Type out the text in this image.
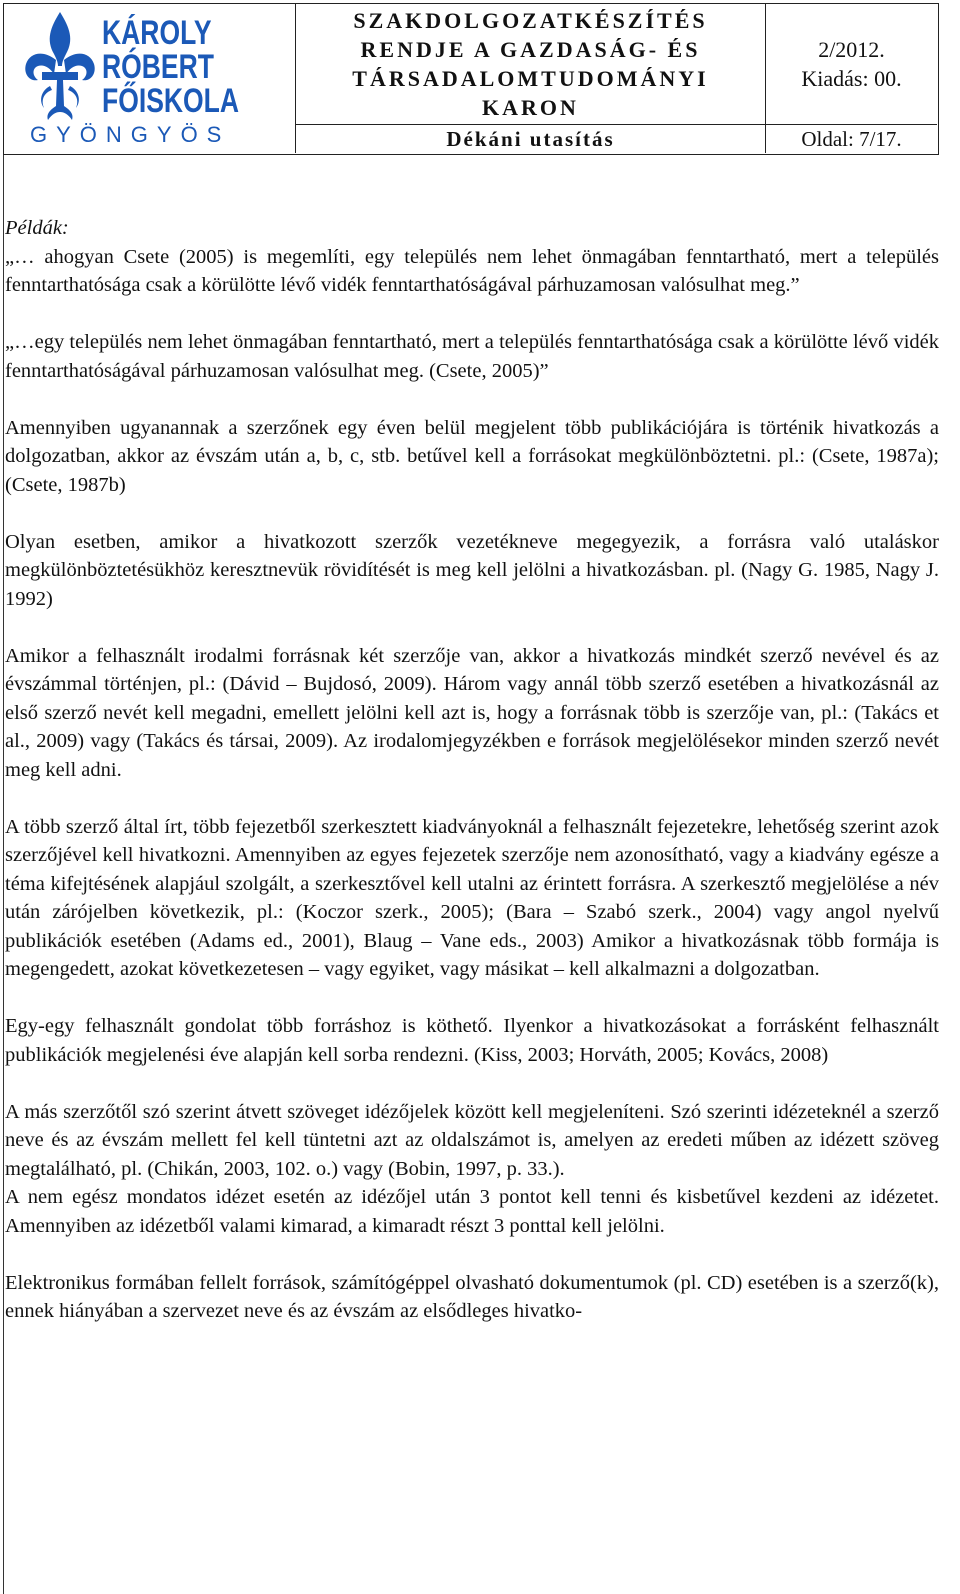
KÁROLY
RÓBERT
FŐISKOLA
GYÖNGYÖS
SZAKDOLGOZATKÉSZÍTÉS
RENDJE A GAZDASÁG- ÉS
TÁRSADALOMTUDOMÁNYI
KARON
2/2012.
Kiadás: 00.
Dékáni utasítás	Oldal: 7/17.

Példák:
„… ahogyan Csete (2005) is megemlíti, egy település nem lehet önmagában fenntartható, mert a település fenntarthatósága csak a körülötte lévő vidék fenntarthatóságával párhuzamosan valósulhat meg.”

„…egy település nem lehet önmagában fenntartható, mert a település fenntarthatósága csak a körülötte lévő vidék fenntarthatóságával párhuzamosan valósulhat meg. (Csete, 2005)”

Amennyiben ugyanannak a szerzőnek egy éven belül megjelent több publikációjára is történik hivatkozás a dolgozatban, akkor az évszám után a, b, c, stb. betűvel kell a forrásokat megkülönböztetni. pl.: (Csete, 1987a); (Csete, 1987b)

Olyan esetben, amikor a hivatkozott szerzők vezetékneve megegyezik, a forrásra való utaláskor megkülönböztetésükhöz keresztnevük rövidítését is meg kell jelölni a hivatkozásban. pl. (Nagy G. 1985, Nagy J. 1992)

Amikor a felhasznált irodalmi forrásnak két szerzője van, akkor a hivatkozás mindkét szerző nevével és az évszámmal történjen, pl.: (Dávid – Bujdosó, 2009). Három vagy annál több szerző esetében a hivatkozásnál az első szerző nevét kell megadni, emellett jelölni kell azt is, hogy a forrásnak több is szerzője van, pl.: (Takács et al., 2009) vagy (Takács és társai, 2009). Az irodalomjegyzékben e források megjelölésekor minden szerző nevét meg kell adni.

A több szerző által írt, több fejezetből szerkesztett kiadványoknál a felhasznált fejezetekre, lehetőség szerint azok szerzőjével kell hivatkozni. Amennyiben az egyes fejezetek szerzője nem azonosítható, vagy a kiadvány egésze a téma kifejtésének alapjául szolgált, a szerkesztővel kell utalni az érintett forrásra. A szerkesztő megjelölése a név után zárójelben következik, pl.: (Koczor szerk., 2005); (Bara – Szabó szerk., 2004) vagy angol nyelvű publikációk esetében (Adams ed., 2001), Blaug – Vane eds., 2003) Amikor a hivatkozásnak több formája is megengedett, azokat következetesen – vagy egyiket, vagy másikat – kell alkalmazni a dolgozatban.

Egy-egy felhasznált gondolat több forráshoz is köthető. Ilyenkor a hivatkozásokat a forrásként felhasznált publikációk megjelenési éve alapján kell sorba rendezni. (Kiss, 2003; Horváth, 2005; Kovács, 2008)

A más szerzőtől szó szerint átvett szöveget idézőjelek között kell megjeleníteni. Szó szerinti idézeteknél a szerző neve és az évszám mellett fel kell tüntetni azt az oldalszámot is, amelyen az eredeti műben az idézett szöveg megtalálható, pl. (Chikán, 2003, 102. o.) vagy (Bobin, 1997, p. 33.).

A nem egész mondatos idézet esetén az idézőjel után 3 pontot kell tenni és kisbetűvel kezdeni az idézetet. Amennyiben az idézetből valami kimarad, a kimaradt részt 3 ponttal kell jelölni.

Elektronikus formában fellelt források, számítógéppel olvasható dokumentumok (pl. CD) esetében is a szerző(k), ennek hiányában a szervezet neve és az évszám az elsődleges hivatko-
